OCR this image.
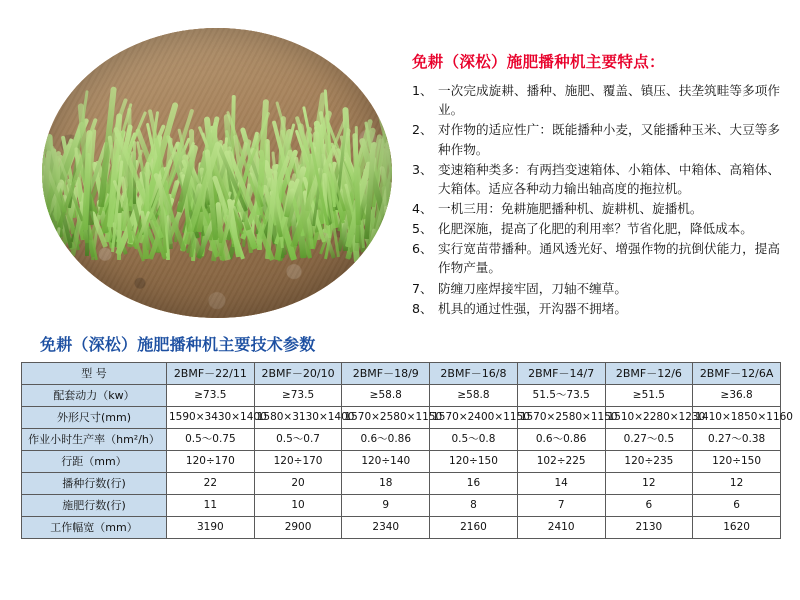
免耕（深松）施肥播种机主要特点：
1、 一次完成旋耕、播种、施肥、覆盖、镇压、扶垄筑畦等多项作业。
2、 对作物的适应性广：既能播种小麦，又能播种玉米、大豆等多种作物。
3、 变速箱种类多：有两挡变速箱体、小箱体、中箱体、高箱体、大箱体。适应各种动力输出轴高度的拖拉机。
4、 一机三用：免耕施肥播种机、旋耕机、旋播机。
5、 化肥深施，提高了化肥的利用率？节省化肥，降低成本。
6、 实行宽苗带播种。通风透光好、增强作物的抗倒伏能力，提高作物产量。
7、 防缠刀座焊接牢固，刀轴不缠草。
8、 机具的通过性强，开沟器不拥堵。
免耕（深松）施肥播种机主要技术参数
型 号	2BMF－22/11	2BMF－20/10	2BMF－18/9	2BMF－16/8	2BMF－14/7	2BMF－12/6	2BMF－12/6A
配套动力（kw）	≥73.5	≥73.5	≥58.8	≥58.8	51.5～73.5	≥51.5	≥36.8
外形尺寸(mm)	1590×3430×1400	1580×3130×1400	1570×2580×1150	1570×2400×1150	1570×2580×1150	1510×2280×1230	1410×1850×1160
作业小时生产率（hm²/h）	0.5～0.75	0.5～0.7	0.6～0.86	0.5～0.8	0.6～0.86	0.27～0.5	0.27～0.38
行距（mm）	120÷170	120÷170	120÷140	120÷150	102÷225	120÷235	120÷150
播种行数(行)	22	20	18	16	14	12	12
施肥行数(行)	11	10	9	8	7	6	6
工作幅宽（mm）	3190	2900	2340	2160	2410	2130	1620
